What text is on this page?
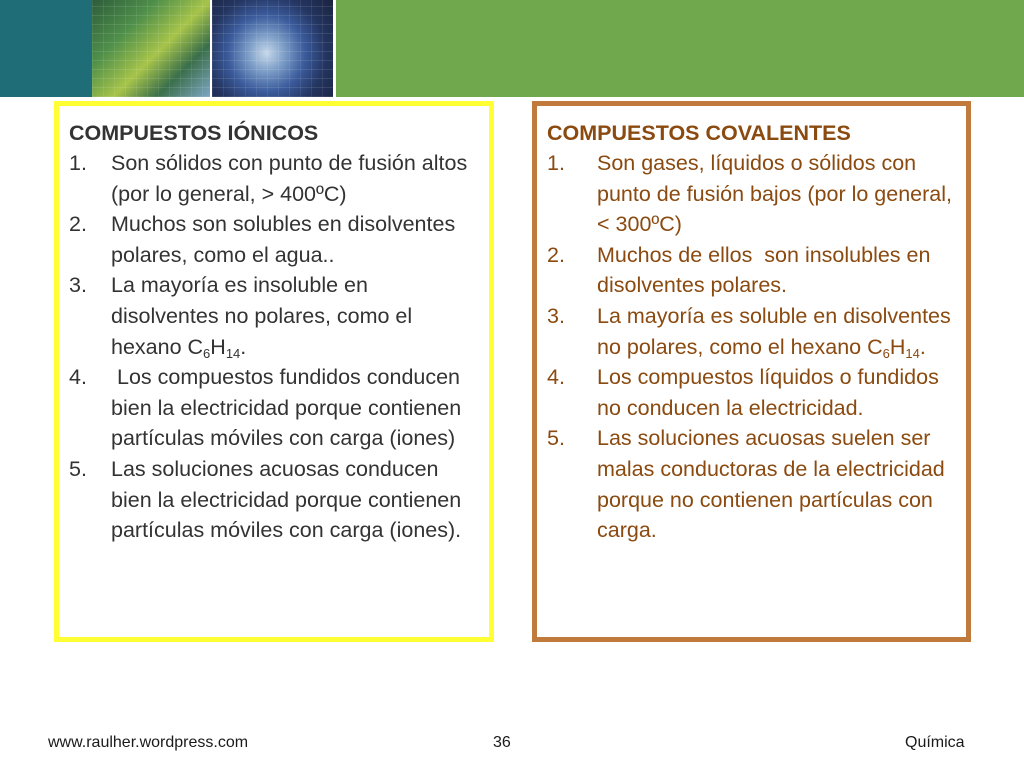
COMPUESTOS IÓNICOS
1. Son sólidos con punto de fusión altos (por lo general, > 400ºC)
2. Muchos son solubles en disolventes polares, como el agua..
3. La mayoría es insoluble en disolventes no polares, como el hexano $C_6H_{14}$.
4. Los compuestos fundidos conducen bien la electricidad porque contienen partículas móviles con carga (iones)
5. Las soluciones acuosas conducen bien la electricidad porque contienen partículas móviles con carga (iones).
COMPUESTOS COVALENTES
1. Son gases, líquidos o sólidos con punto de fusión bajos (por lo general, < 300ºC)
2. Muchos de ellos  son insolubles en disolventes polares.
3. La mayoría es soluble en disolventes no polares, como el hexano $C_6H_{14}$.
4. Los compuestos líquidos o fundidos no conducen la electricidad.
5. Las soluciones acuosas suelen ser malas conductoras de la electricidad porque no contienen partículas con carga.
www.raulher.wordpress.com	36	Química
